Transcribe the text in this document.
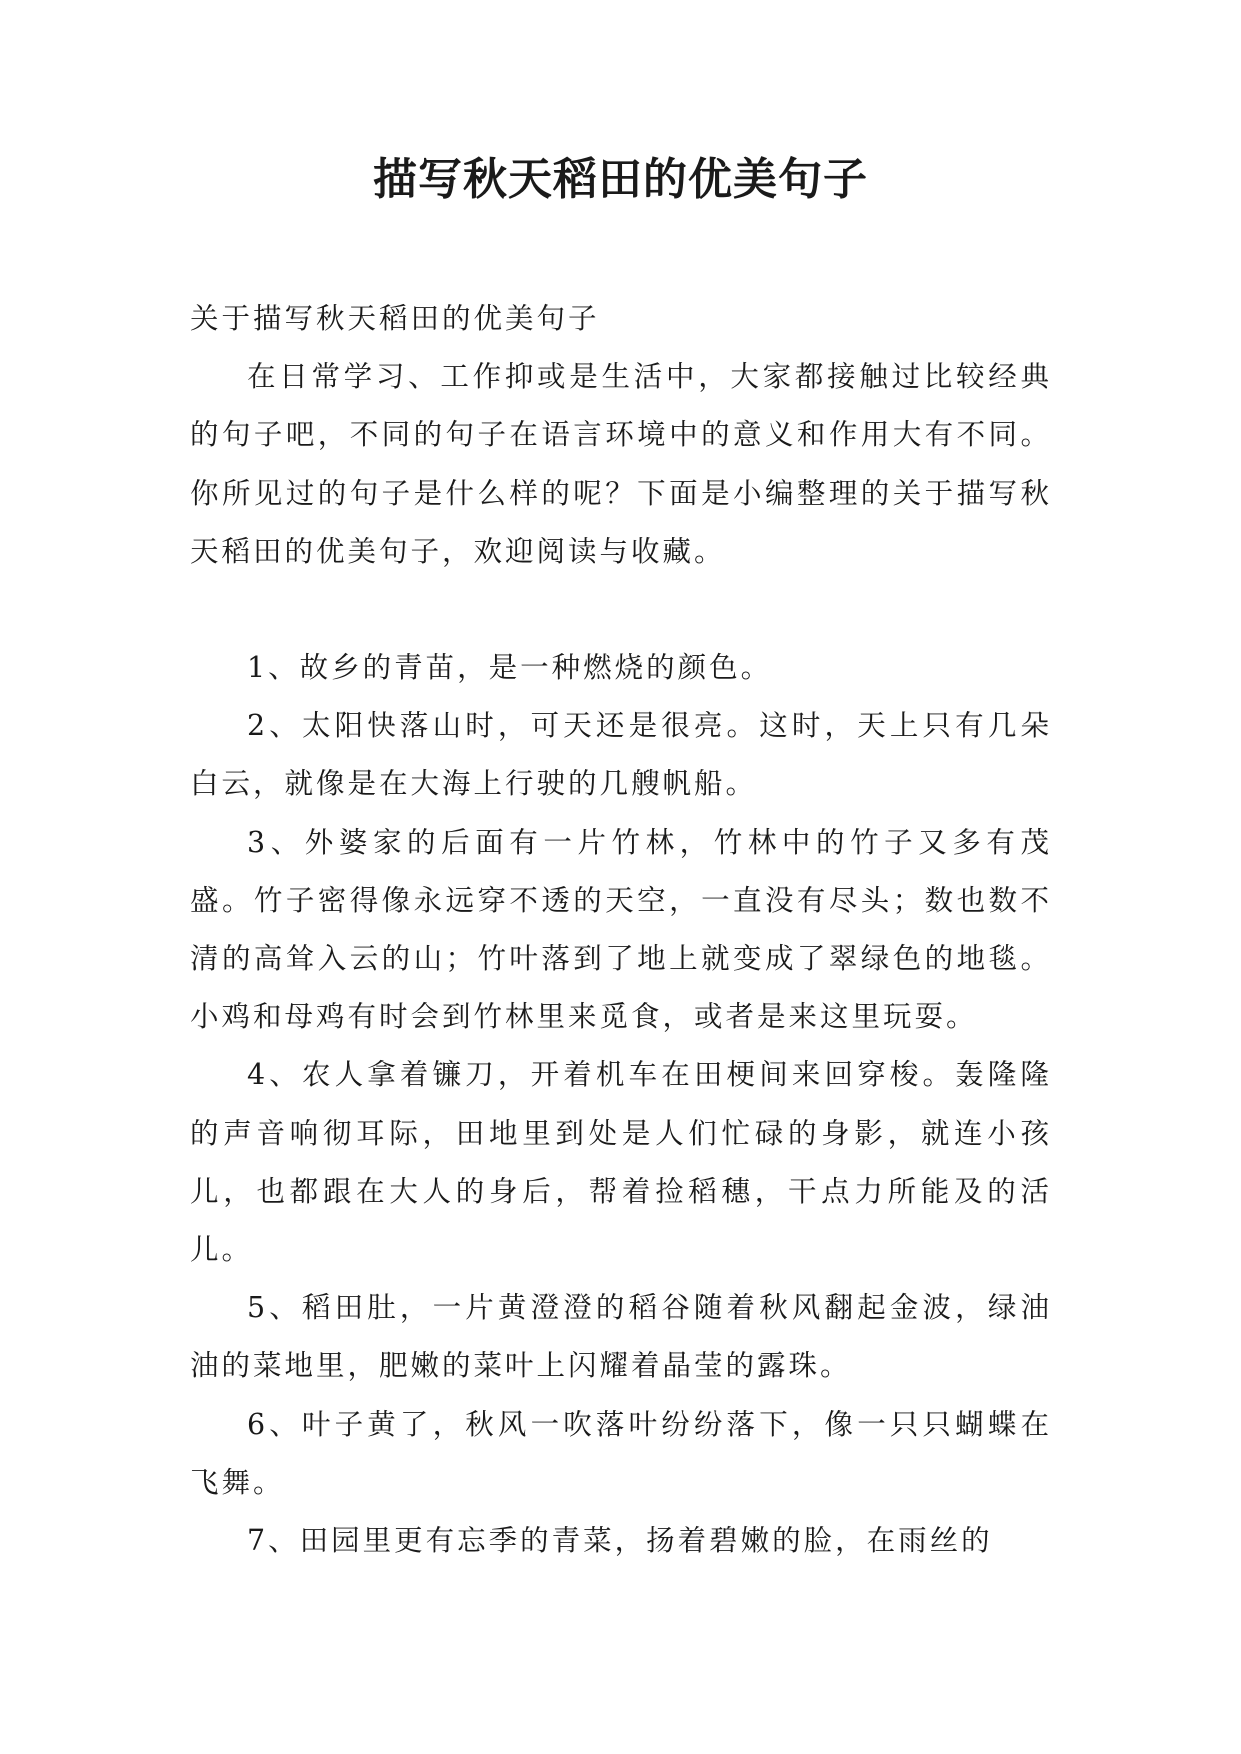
描写秋天稻田的优美句子

关于描写秋天稻田的优美句子

在日常学习、工作抑或是生活中，大家都接触过比较经典的句子吧，不同的句子在语言环境中的意义和作用大有不同。你所见过的句子是什么样的呢？下面是小编整理的关于描写秋天稻田的优美句子，欢迎阅读与收藏。

1、故乡的青苗，是一种燃烧的颜色。

2、太阳快落山时，可天还是很亮。这时，天上只有几朵白云，就像是在大海上行驶的几艘帆船。

3、外婆家的后面有一片竹林，竹林中的竹子又多有茂盛。竹子密得像永远穿不透的天空，一直没有尽头；数也数不清的高耸入云的山；竹叶落到了地上就变成了翠绿色的地毯。小鸡和母鸡有时会到竹林里来觅食，或者是来这里玩耍。

4、农人拿着镰刀，开着机车在田梗间来回穿梭。轰隆隆的声音响彻耳际，田地里到处是人们忙碌的身影，就连小孩儿，也都跟在大人的身后，帮着捡稻穗，干点力所能及的活儿。

5、稻田肚，一片黄澄澄的稻谷随着秋风翻起金波，绿油油的菜地里，肥嫩的菜叶上闪耀着晶莹的露珠。

6、叶子黄了，秋风一吹落叶纷纷落下，像一只只蝴蝶在飞舞。

7、田园里更有忘季的青菜，扬着碧嫩的脸，在雨丝的
